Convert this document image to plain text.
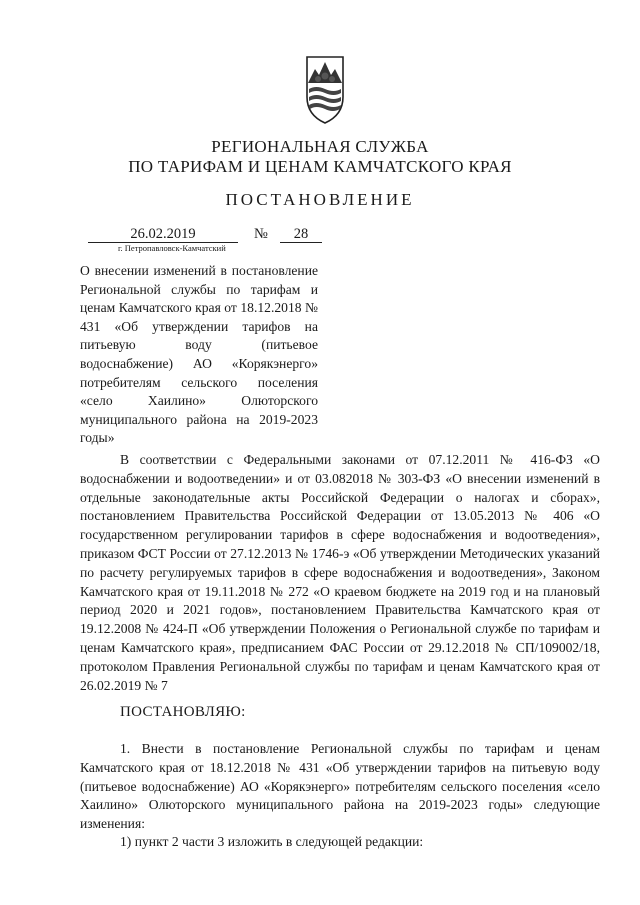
РЕГИОНАЛЬНАЯ СЛУЖБА
ПО ТАРИФАМ И ЦЕНАМ КАМЧАТСКОГО КРАЯ
ПОСТАНОВЛЕНИЕ
26.02.2019	№	28
г. Петропавловск-Камчатский
О внесении изменений в постановление Региональной службы по тарифам и ценам Камчатского края от 18.12.2018 № 431 «Об утверждении тарифов на питьевую воду (питьевое водоснабжение) АО «Корякэнерго» потребителям сельского поселения «село Хаилино» Олюторского муниципального района на 2019-2023 годы»
В соответствии с Федеральными законами от 07.12.2011 № 416-ФЗ «О водоснабжении и водоотведении» и от 03.082018 № 303-ФЗ «О внесении изменений в отдельные законодательные акты Российской Федерации о налогах и сборах», постановлением Правительства Российской Федерации от 13.05.2013 № 406 «О государственном регулировании тарифов в сфере водоснабжения и водоотведения», приказом ФСТ России от 27.12.2013 № 1746-э «Об утверждении Методических указаний по расчету регулируемых тарифов в сфере водоснабжения и водоотведения», Законом Камчатского края от 19.11.2018 № 272 «О краевом бюджете на 2019 год и на плановый период 2020 и 2021 годов», постановлением Правительства Камчатского края от 19.12.2008 № 424-П «Об утверждении Положения о Региональной службе по тарифам и ценам Камчатского края», предписанием ФАС России от 29.12.2018 № СП/109002/18, протоколом Правления Региональной службы по тарифам и ценам Камчатского края от 26.02.2019 № 7
ПОСТАНОВЛЯЮ:
1. Внести в постановление Региональной службы по тарифам и ценам Камчатского края от 18.12.2018 № 431 «Об утверждении тарифов на питьевую воду (питьевое водоснабжение) АО «Корякэнерго» потребителям сельского поселения «село Хаилино» Олюторского муниципального района на 2019-2023 годы» следующие изменения:
1) пункт 2 части 3 изложить в следующей редакции:
